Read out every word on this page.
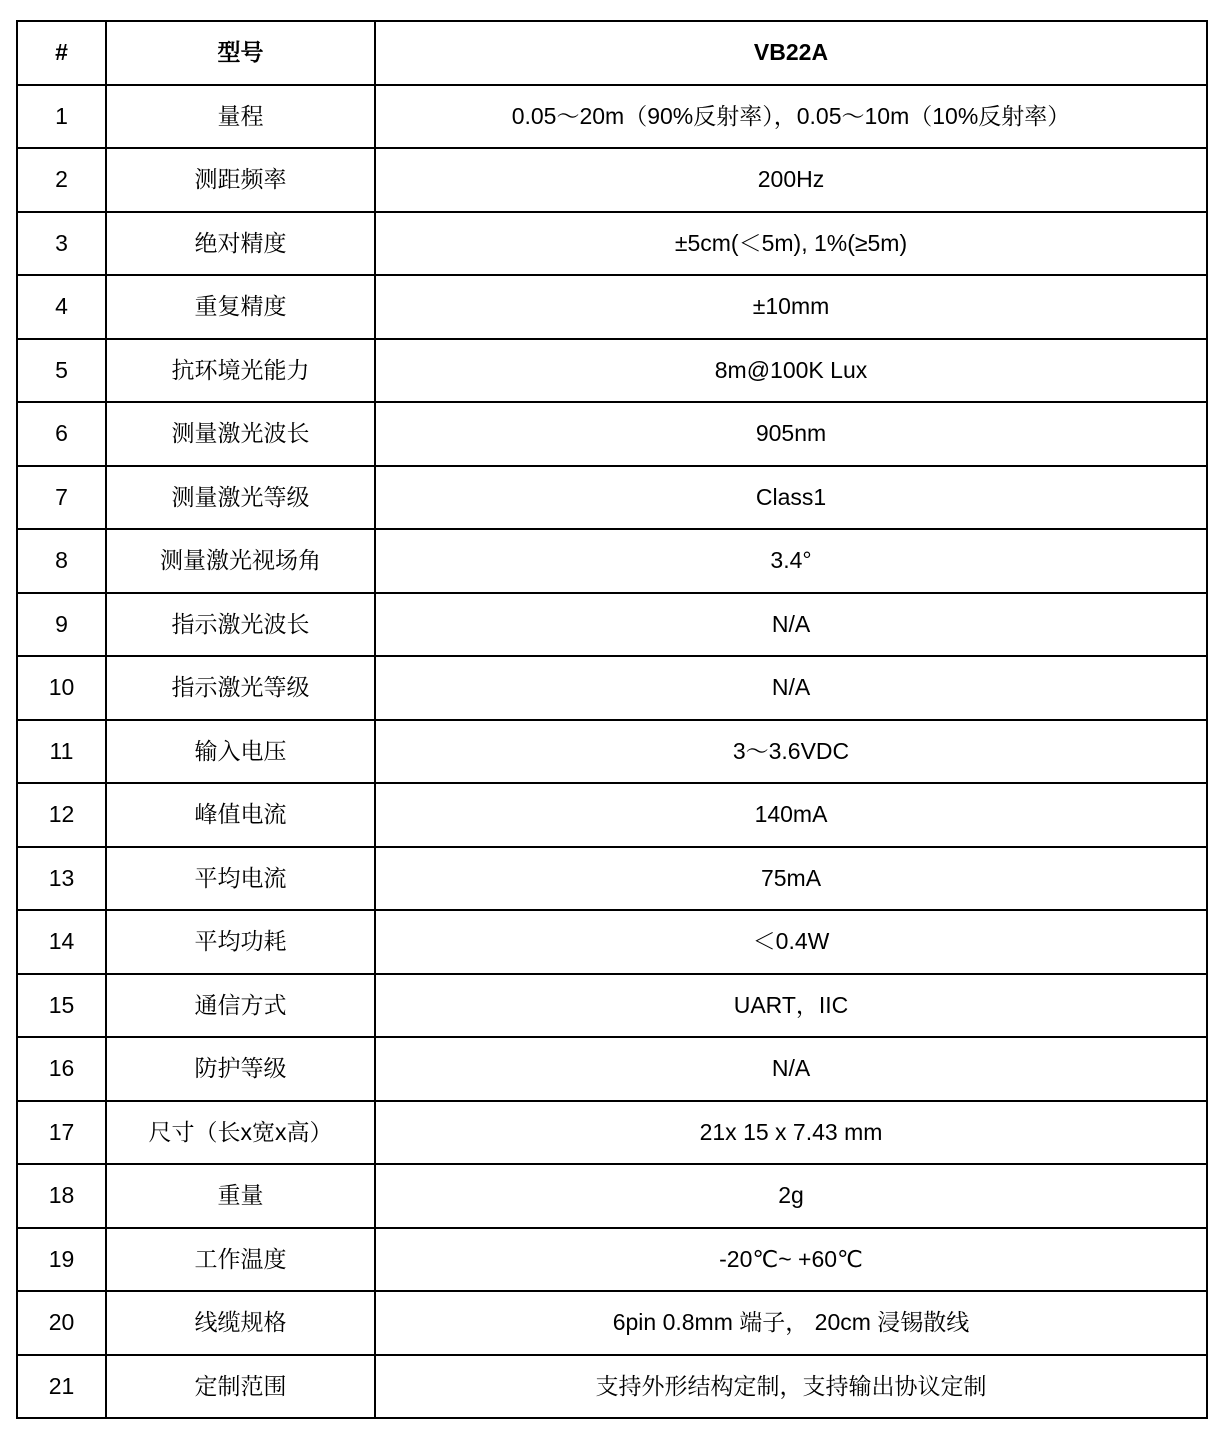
#	型号	VB22A
1	量程	0.05～20m（90%反射率），0.05～10m（10%反射率）
2	测距频率	200Hz
3	绝对精度	±5cm(＜5m), 1%(≥5m)
4	重复精度	±10mm
5	抗环境光能力	8m@100K Lux
6	测量激光波长	905nm
7	测量激光等级	Class1
8	测量激光视场角	3.4°
9	指示激光波长	N/A
10	指示激光等级	N/A
11	输入电压	3～3.6VDC
12	峰值电流	140mA
13	平均电流	75mA
14	平均功耗	＜0.4W
15	通信方式	UART，IIC
16	防护等级	N/A
17	尺寸（长x宽x高）	21x 15 x 7.43 mm
18	重量	2g
19	工作温度	-20℃~ +60℃
20	线缆规格	6pin 0.8mm 端子， 20cm 浸锡散线
21	定制范围	支持外形结构定制，支持输出协议定制
